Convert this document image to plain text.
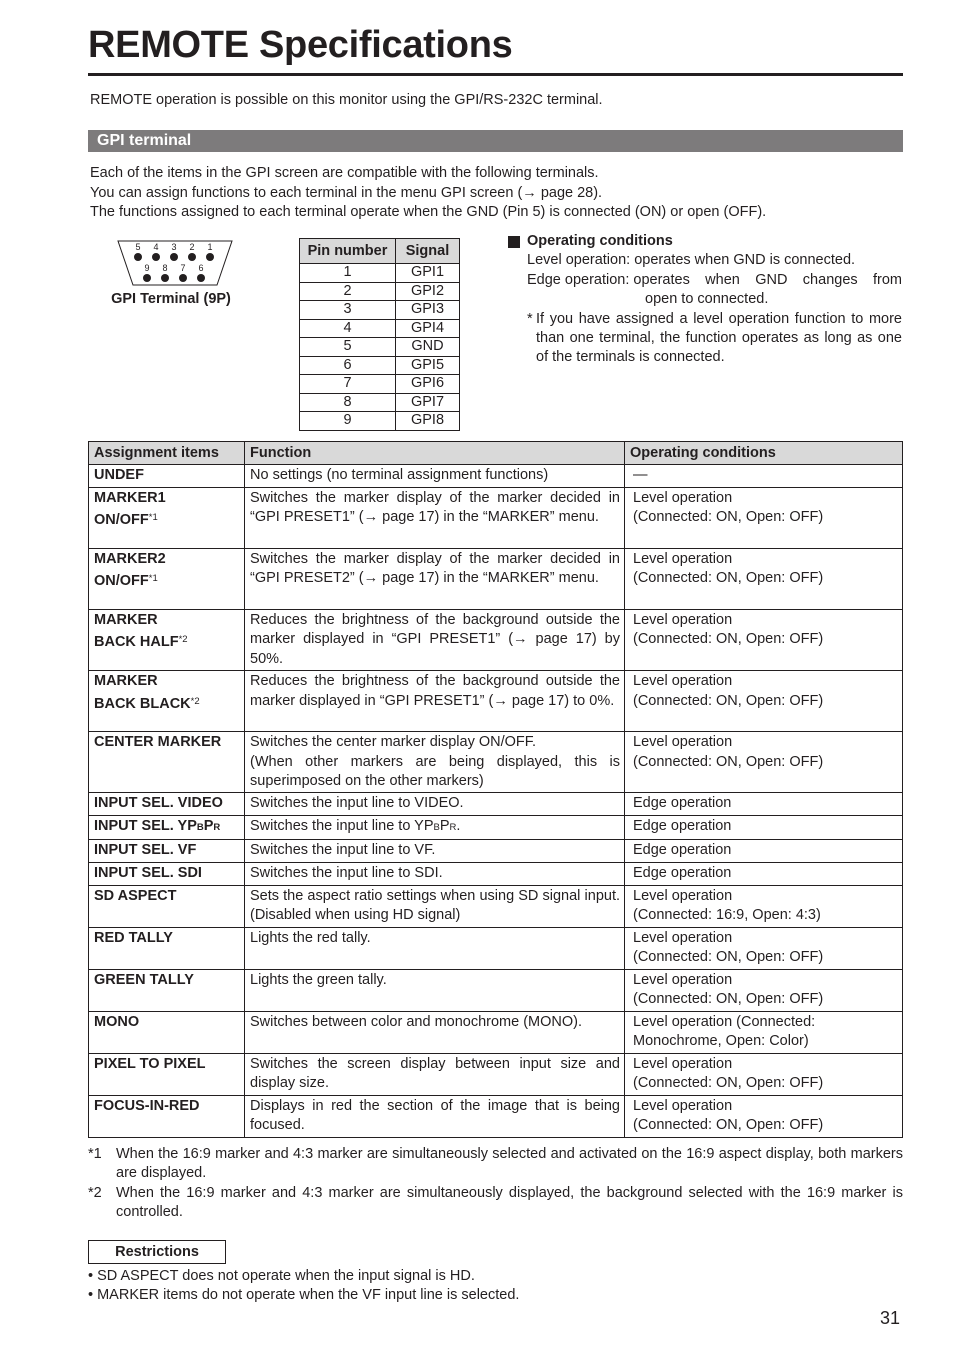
REMOTE Specifications

REMOTE operation is possible on this monitor using the GPI/RS-232C terminal.

GPI terminal
Each of the items in the GPI screen are compatible with the following terminals.
You can assign functions to each terminal in the menu GPI screen (→ page 28).
The functions assigned to each terminal operate when the GND (Pin 5) is connected (ON) or open (OFF).
5 4 3 2 1
9 8 7 6
GPI Terminal (9P)
Pin number	Signal
1	GPI1
2	GPI2
3	GPI3
4	GPI4
5	GND
6	GPI5
7	GPI6
8	GPI7
9	GPI8
Operating conditions
Level operation: operates when GND is connected.
Edge operation: operates when GND changes from
open to connected.
* If you have assigned a level operation function to more than one terminal, the function operates as long as one of the terminals is connected.
Assignment items	Function	Operating conditions
UNDEF	No settings (no terminal assignment functions)	—
MARKER1
ON/OFF$^{*1}$	Switches the marker display of the marker decided in “GPI PRESET1” (→ page 17) in the “MARKER” menu.	Level operation
(Connected: ON, Open: OFF)
MARKER2
ON/OFF$^{*1}$	Switches the marker display of the marker decided in “GPI PRESET2” (→ page 17) in the “MARKER” menu.	Level operation
(Connected: ON, Open: OFF)
MARKER
BACK HALF$^{*2}$	Reduces the brightness of the background outside the marker displayed in “GPI PRESET1” (→ page 17) by 50%.	Level operation
(Connected: ON, Open: OFF)
MARKER
BACK BLACK$^{*2}$	Reduces the brightness of the background outside the marker displayed in “GPI PRESET1” (→ page 17) to 0%.	Level operation
(Connected: ON, Open: OFF)
CENTER MARKER	Switches the center marker display ON/OFF.
(When other markers are being displayed, this is superimposed on the other markers)	Level operation
(Connected: ON, Open: OFF)
INPUT SEL. VIDEO	Switches the input line to VIDEO.	Edge operation
INPUT SEL. YPBPR	Switches the input line to YPBPR.	Edge operation
INPUT SEL. VF	Switches the input line to VF.	Edge operation
INPUT SEL. SDI	Switches the input line to SDI.	Edge operation
SD ASPECT	Sets the aspect ratio settings when using SD signal input. (Disabled when using HD signal)	Level operation
(Connected: 16:9, Open: 4:3)
RED TALLY	Lights the red tally.	Level operation
(Connected: ON, Open: OFF)
GREEN TALLY	Lights the green tally.	Level operation
(Connected: ON, Open: OFF)
MONO	Switches between color and monochrome (MONO).	Level operation (Connected:
Monochrome, Open: Color)
PIXEL TO PIXEL	Switches the screen display between input size and display size.	Level operation
(Connected: ON, Open: OFF)
FOCUS-IN-RED	Displays in red the section of the image that is being focused.	Level operation
(Connected: ON, Open: OFF)
*1 When the 16:9 marker and 4:3 marker are simultaneously selected and activated on the 16:9 aspect display, both markers are displayed.
*2 When the 16:9 marker and 4:3 marker are simultaneously displayed, the background selected with the 16:9 marker is controlled.
Restrictions
• SD ASPECT does not operate when the input signal is HD.
• MARKER items do not operate when the VF input line is selected.
31
